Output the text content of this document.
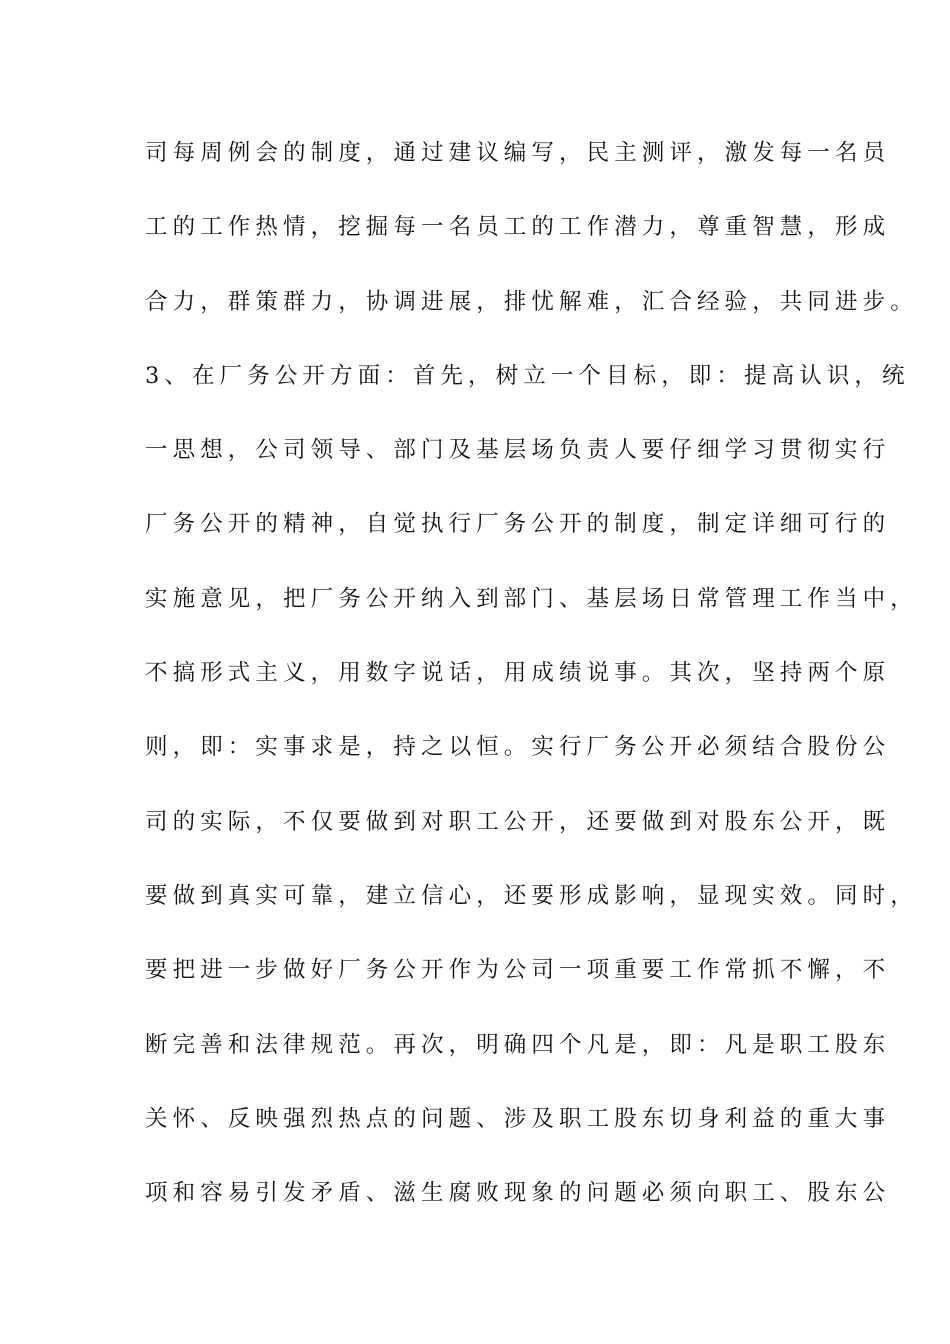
司每周例会的制度，通过建议编写，民主测评，激发每一名员
工的工作热情，挖掘每一名员工的工作潜力，尊重智慧，形成
合力，群策群力，协调进展，排忧解难，汇合经验，共同进步。
3、在厂务公开方面：首先，树立一个目标，即：提高认识，统
一思想，公司领导、部门及基层场负责人要仔细学习贯彻实行
厂务公开的精神，自觉执行厂务公开的制度，制定详细可行的
实施意见，把厂务公开纳入到部门、基层场日常管理工作当中，
不搞形式主义，用数字说话，用成绩说事。其次，坚持两个原
则，即：实事求是，持之以恒。实行厂务公开必须结合股份公
司的实际，不仅要做到对职工公开，还要做到对股东公开，既
要做到真实可靠，建立信心，还要形成影响，显现实效。同时，
要把进一步做好厂务公开作为公司一项重要工作常抓不懈，不
断完善和法律规范。再次，明确四个凡是，即：凡是职工股东
关怀、反映强烈热点的问题、涉及职工股东切身利益的重大事
项和容易引发矛盾、滋生腐败现象的问题必须向职工、股东公
